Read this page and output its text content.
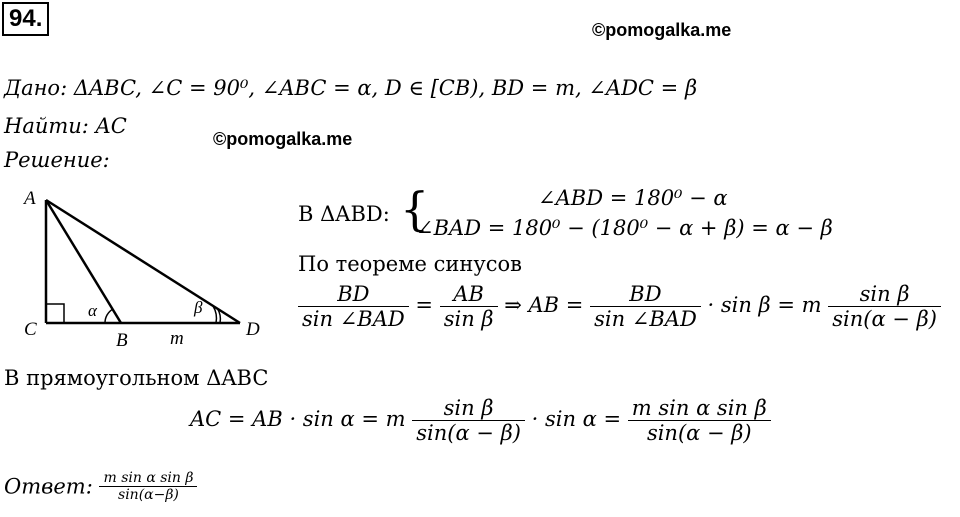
94.	©pomogalka.me
Дано: ΔABC, ∠C = 90⁰, ∠ABC = α, D ∈ [CB), BD = m, ∠ADC = β
Найти: AC
©pomogalka.me
Решение:
A
C
B
D
m
α	β
В ΔABD: {	∠ABD = 180⁰ − α
∠BAD = 180⁰ − (180⁰ − α + β) = α − β
По теореме синусов
$\frac{BD}{\text{sin ∠BAD}} = \frac{AB}{\text{sin β}}$ ⇒ AB = $\frac{BD}{\text{sin ∠BAD}} \cdot \sin \beta = m \frac{\text{sin β}}{\sin(\alpha - \beta)}$
В прямоугольном ΔABC
AC = AB · sin α = m $\frac{\text{sin β}}{\sin(\alpha - \beta)} \cdot \sin \alpha = \frac{\text{m sin α sin β}}{\sin(\alpha - \beta)}$
Ответ: $\frac{\text{m sin α sin β}}{\sin(\alpha-\beta)}$
